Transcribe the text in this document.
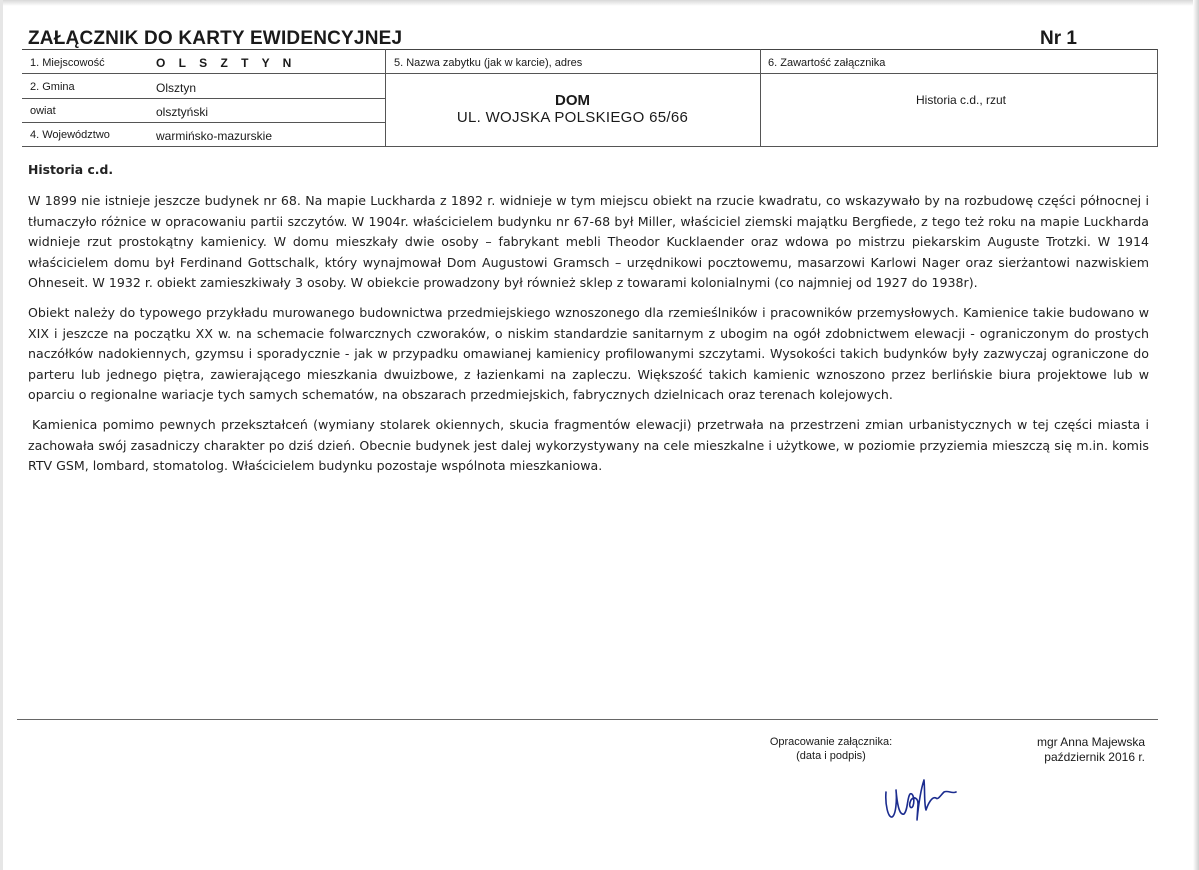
ZAŁĄCZNIK DO KARTY EWIDENCYJNEJ	Nr 1
1. Miejscowość	O L S Z T Y N
2. Gmina	Olsztyn
owiat	olsztyński
4. Województwo	warmińsko-mazurskie
5. Nazwa zabytku (jak w karcie), adres
DOM
UL. WOJSKA POLSKIEGO 65/66
6. Zawartość załącznika
Historia c.d., rzut
Historia c.d.

W 1899 nie istnieje jeszcze budynek nr 68. Na mapie Luckharda z 1892 r. widnieje w tym miejscu obiekt na rzucie kwadratu, co wskazywało by na rozbudowę części północnej i tłumaczyło różnice w opracowaniu partii szczytów. W 1904r. właścicielem budynku nr 67-68 był Miller, właściciel ziemski majątku Bergfiede, z tego też roku na mapie Luckharda widnieje rzut prostokątny kamienicy. W domu mieszkały dwie osoby – fabrykant mebli Theodor Kucklaender oraz wdowa po mistrzu piekarskim Auguste Trotzki. W 1914 właścicielem domu był Ferdinand Gottschalk, który wynajmował Dom Augustowi Gramsch – urzędnikowi pocztowemu, masarzowi Karlowi Nager oraz sierżantowi nazwiskiem Ohneseit. W 1932 r. obiekt zamieszkiwały 3 osoby. W obiekcie prowadzony był również sklep z towarami kolonialnymi (co najmniej od 1927 do 1938r).

Obiekt należy do typowego przykładu murowanego budownictwa przedmiejskiego wznoszonego dla rzemieślników i pracowników przemysłowych. Kamienice takie budowano w XIX i jeszcze na początku XX w. na schemacie folwarcznych czworaków, o niskim standardzie sanitarnym z ubogim na ogół zdobnictwem elewacji - ograniczonym do prostych naczółków nadokiennych, gzymsu i sporadycznie - jak w przypadku omawianej kamienicy profilowanymi szczytami. Wysokości takich budynków były zazwyczaj ograniczone do parteru lub jednego piętra, zawierającego mieszkania dwuizbowe, z łazienkami na zapleczu. Większość takich kamienic wznoszono przez berlińskie biura projektowe lub w oparciu o regionalne wariacje tych samych schematów, na obszarach przedmiejskich, fabrycznych dzielnicach oraz terenach kolejowych.

Kamienica pomimo pewnych przekształceń (wymiany stolarek okiennych, skucia fragmentów elewacji) przetrwała na przestrzeni zmian urbanistycznych w tej części miasta i zachowała swój zasadniczy charakter po dziś dzień. Obecnie budynek jest dalej wykorzystywany na cele mieszkalne i użytkowe, w poziomie przyziemia mieszczą się m.in. komis RTV GSM, lombard, stomatolog. Właścicielem budynku pozostaje wspólnota mieszkaniowa.

Opracowanie załącznika:
(data i podpis)
mgr Anna Majewska
październik 2016 r.
